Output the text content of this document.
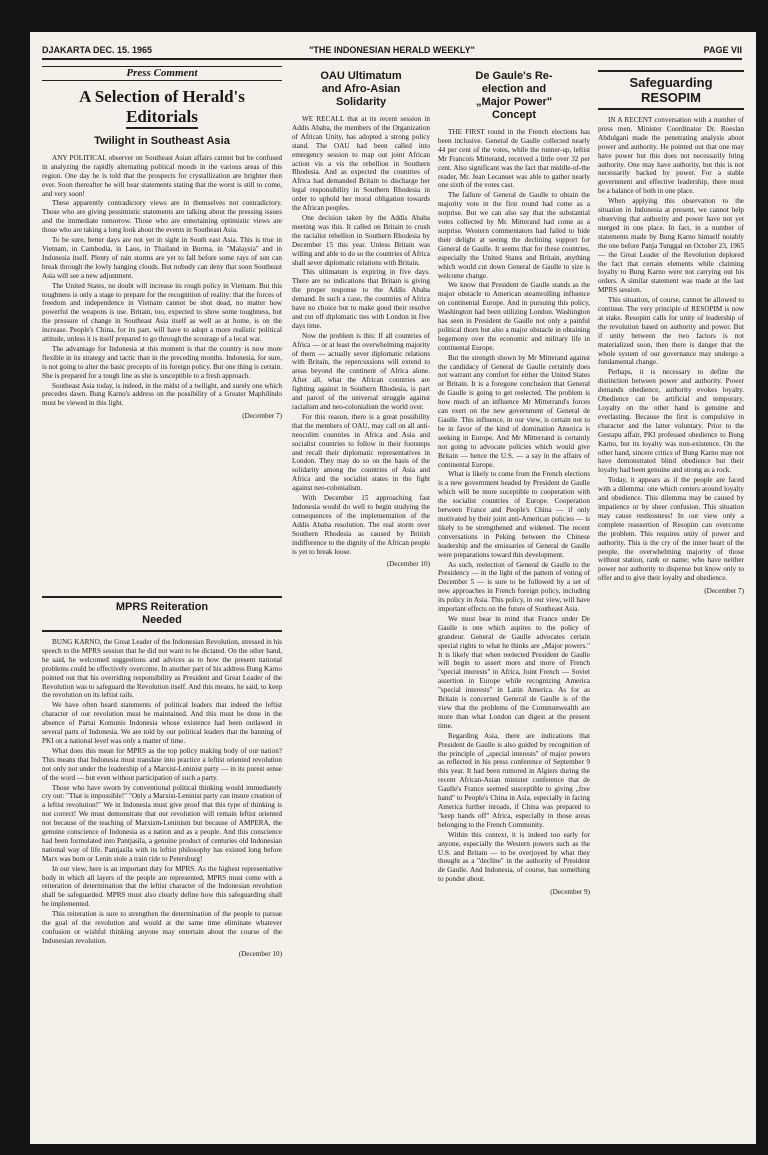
DJAKARTA DEC. 15. 1965	"THE INDONESIAN HERALD WEEKLY"	PAGE VII
Press Comment
A Selection of Herald's
Editorials
Twilight in Southeast Asia

ANY POLITICAL observer on Southeast Asian affairs cannot but be confused in analyzing the rapidly alternating political moods in the various areas of this region. One day he is told that the prospects for crystallization are brighter then ever. Soon thereafter he will hear statements stating that the worst is still to come, and very soon!

These apparently contradictory views are in themselves not contradictory. Those who are giving pessimistic statements are talking about the pressing issues and the immediate tomorrow. Those who are entertaining optimistic views are those who are taking a long look about the events in Southeast Asia.

To be sure, better days are not yet in sight in South east Asia. This is true in Vietnam, in Cambodia, in Laos, in Thailand in Burma, in "Malaysia" and in Indonesia itself. Plenty of rain storms are yet to fall before some rays of sun can break through the lowly hanging clouds. But nobody can deny that soon Southeast Asia will see a new adjustment.

The United States, no doubt will increase its rough policy in Vietnam. But this toughness is only a stage to prepare for the recognition of reality: that the forces of freedom and independence in Vietnam cannot be shot dead, no matter how powerful the weapons is use. Britain, too, expected to show some toughness, but the pressure of change in Southeast Asia itself as well as at home, is on the increase. People's China, for its part, will have to adopt a more realistic political attitude, unless it is itself prepared to go through the scourage of a local war.

The advantage for Indonesia at this moment is that the country is now more flexible in its strategy and tactic than in the preceding months. Indonesia, for sure, is not going to alter the basic precepts of its foreign policy. But one thing is certain. She is prepared for a tough line as she is susceptible to a fresh approach.

Southeast Asia today, is indeed, in the midst of a twilight, and surely one which precedes dawn. Bung Karno's address on the possibility of a Greater Maphilindo must be viewed in this light.

(December 7)

MPRS Reiteration
Needed

BUNG KARNO, the Great Leader of the Indonesian Revolution, stressed in his speech to the MPRS session that he did not want to be dictated. On the other hand, he said, he welcomed suggestions and advices as to how the present national problems could be effectively overcome. In another part of his address Bung Karno pointed out that his overriding responsibility as President and Great Leader of the Revolution was to safeguard the Revolution itself. And this means, he said, to keep the revolution on its leftist rails.

We have often heard statements of political leaders that indeed the leftist character of our revolution must be maintained. And this must be done in the absence of Partai Komunis Indonesia whose existence had been outlawed in several parts of Indonesia. We are told by our political leaders that the banning of PKI on a national level was only a matter of time.

What does this mean for MPRS as the top policy making body of our nation? This means that Indonesia must translate into practice a leftist oriented revolution not only not under the leadership of a Marxist-Leninist party — in its purest sense of the word — but even without participation of such a party.

Those who have sworn by conventional political thinking would immediately cry out: "That is impossible!" "Only a Marxist-Leninist party can insure creation of a leftist revolution!" We in Indonesia must give proof that this type of thinking is not correct! We must demonstrate that our revolution will remain leftist oriented not because of the teaching of Marxism-Leninism but because of AMPERA, the genuine conscience of Indonesia as a nation and as a people. And this conscience had been formulated into Pantjasila, a genuine product of centuries old Indonesian national way of life. Pantjasila with its leftist philosophy has existed long before Marx was born or Lenin stole a train ride to Petersburg!

In our view, here is an important duty for MPRS. As the highest representative body in which all layers of the people are represented, MPRS must come with a reiteration of determination that the leftist character of the Indonesian revolution shall be safeguarded. MPRS must also clearly define how this safeguarding shall be implemented.

This reiteration is sure to strengthen the determination of the people to pursue the goal of the revolution and would at the same time eliminate whatever confusion or wishful thinking anyone may entertain about the course of the Indonesian revolution.

(December 10)

OAU Ultimatum
and Afro-Asian
Solidarity

WE RECALL that at its recent session in Addis Ababa, the members of the Organization of African Unity, has adopted a strong policy stand. The OAU had been called into emergency session to map out joint African action vis a vis the rebellion in Southern Rhodesia. And as expected the countries of Africa had demanded Britain to discharge her legal responsibility in Southern Rhodesia in order to uphold her moral obligation towards the African peoples.

One decision taken by the Addis Ababa meeting was this. It called on Britain to crush the racialist rebellion in Southern Rhodesia by December 15 this year. Unless Britain was willing and able to do so the countries of Africa shall sever diplomatic relations with Britain.

This ultimatum is expiring in five days. There are no indications that Britain is giving the proper response to the Addis Ababa demand. In such a case, the countries of Africa have no choice but to make good their resolve and cut off diplomatic ties with London in five days time.

Now the problem is this: If all countries of Africa — or at least the overwhelming majority of them — actually sever diplomatic relations with Britain, the repercussions will extend to areas beyond the continent of Africa alone. After all, what the African countries are fighting against in Southern Rhodesia, is part and parcel of the universal struggle against racialism and neo-colonialism the world over.

For this reason, there is a great possibility that the members of OAU, may call on all anti-neocolim countries in Africa and Asia and socialist countries to follow in their footsteps and recall their diplomatic representatives in London. They may do so on the basis of the solidarity among the countries of Asia and Africa and the socialist states in the fight against neo-colonialism.

With December 15 approaching fast Indonesia would do well to begin studying the consequences of the implementation of the Addis Ababa resolution. The real storm over Southern Rhodesia as caused by British indifference to the dignity of the African people is yet to break loose.

(December 10)

De Gaule's Re-
election and
„Major Power"
Concept

THE FIRST round in the French elections has been inclusive. General de Gaulle collected nearly 44 per cent of the votes, while the runner-up, leftist Mr Francois Mitterand, received a little over 32 per cent. Also significant was the fact that middle-of-the reader, Mr. Jean Lecanuet was able to gather nearly one sixth of the votes cast.

The failure of General de Gaulle to obtain the majority vote in the first round had come as a surprise. But we can also say that the substantial votes collected by Mr. Mitterand had come as a surprise. Western commentators had failed to hide their delight at seeing the declining support for General de Gaulle. It seems that for these countries, especially the United States and Britain, anything which would cut down General de Gaulle to size is welcome change.

We know that President de Gaulle stands as the major obstacle to American steamrolling influence on continental Europe. And in pursuing this policy, Washington had been utilizing London. Washington has seen in President de Gaulle not only a painful political thorn but also a major obstacle in obtaining hegemony over the economic and military life in continental Europe.

But the strength shown by Mr Mitterand against the candidacy of General de Gaulle certainly does not warrant any comfort for either the United States or Britain. It is a foregone conclusion that General de Gaulle is going to get reelected. The problem is how much of an influence Mr Mitterrand's forces can exert on the new government of General de Gaulle. This influence, in our view, is certain not to be in favor of the kind of domination America is seeking in Europe. And Mr Mitterrand is certainly not going to advocate policies which would give Britain — hence the U.S. — a say in the affairs of continental Europe.

What is likely to come from the French elections is a new government headed by President de Gaulle which will be more suceptible to cooperation with the socialist countries of Europe. Cooperation between France and People's China — if only motivated by their joint anti-American policies — is likely to be strengthened and widened. The recent conversations in Peking between the Chinese leadership and the emissaries of General de Gaulle were preparations toward this development.

As such, reelection of General de Gaulle to the Presidency — in the light of the pattern of voting of December 5 — is sure to be followed by a set of new approaches in French foreign policy, including its policy in Asia. This policy, in our view, will have important effects on the future of Southeast Asia.

We must bear in mind that France under De Gaulle is one which aspires to the policy of grandeur. General de Gaulle advocates certain special rights to what he thinks are „Major powers." It is likely that when reelected President de Gaulle will begin to assert more and more of French "special interests" in Africa, Joint French — Soviet assertion in Europe while recognizing America "special interests" in Latin America. As for as Britain is concerned General de Gaulle is of the view that the problems of the Commonwealth are more than what London can digest at the present time.

Regarding Asia, there are indications that President de Gaulle is also guided by recognition of the principle of „special interests" of major powers as reflected in his press conference of September 9 this year. It had been rumored in Algiers during the recent African-Asian minister conference that de Gaulle's France seemed susceptible to giving „free hand" to People's China in Asia, especially in facing America further inroads, if China was prepared to "keep hands off" Africa, especially in those areas belonging to the French Community.

Within this context, it is indeed too early for anyone, especially the Western powers such as the U.S. and Britain — to be overjoyed by what they thought as a "decline" in the authority of President de Gaulle. And Indonesia, of course, has something to ponder about.

(December 9)

Safeguarding
RESOPIM

IN A RECENT conversation with a number of press men, Minister Coordinator Dr. Roeslan Abdulgani made the penetrating analysis about power and authority. He pointed out that one may have power but this does not necessarily bring authority. One may have authority, but this is not necessarily backed by power. For a stable government and effective leadership, there must be a balance of both in one place.

When applying this observation to the situation in Indonesia at present, we cannot help observing that authority and power have not yet merged in one place. In fact, in a number of statements made by Bung Karno himself notably the one before Panja Tunggal on October 23, 1965 — the Great Leader of the Revolution deplored the fact that certain elements while claiming loyalty to Bung Karno were not carrying out his orders. A similar statement was made at the last MPRS session.

This situation, of course, cannot be allowed to continue. The very principle of RESOPIM is now at stake. Resopim calls for unity of leadership of the revolution based on authority and power. But if unity between the two factors is not materialized soon, then there is danger that the whole system of our governance may undergo a fundamental change.

Perhaps, it is necessary to define the distinction between power and authority. Power demands obedience, authority evokes loyalty. Obedience can be artificial and temporary. Loyalty on the other hand is genuine and everlasting. Because the first is compulsive in character and the latter voluntary. Prior to the Gestapu affair, PKI professed obedience to Bung Karno, but its loyalty was non-existence. On the other hand, sincere critics of Bung Karno may not have demonstrated blind obedience but their loyalty had been genuine and strong as a rock.

Today, it appears as if the people are faced with a dilemma: one which centers around loyalty and obedience. This dilemma may be caused by impatience or by sheer confusion. This situation may cause restlessness! In our view only a complete reassertion of Resopim can overcome the problem. This requires unity of power and authority. This is the cry of the inner heart of the people, the overwhelming majority of those without station, rank or name; who have neither power nor authority to dispense but know only to offer and to give their loyalty and obedience.

(December 7)
